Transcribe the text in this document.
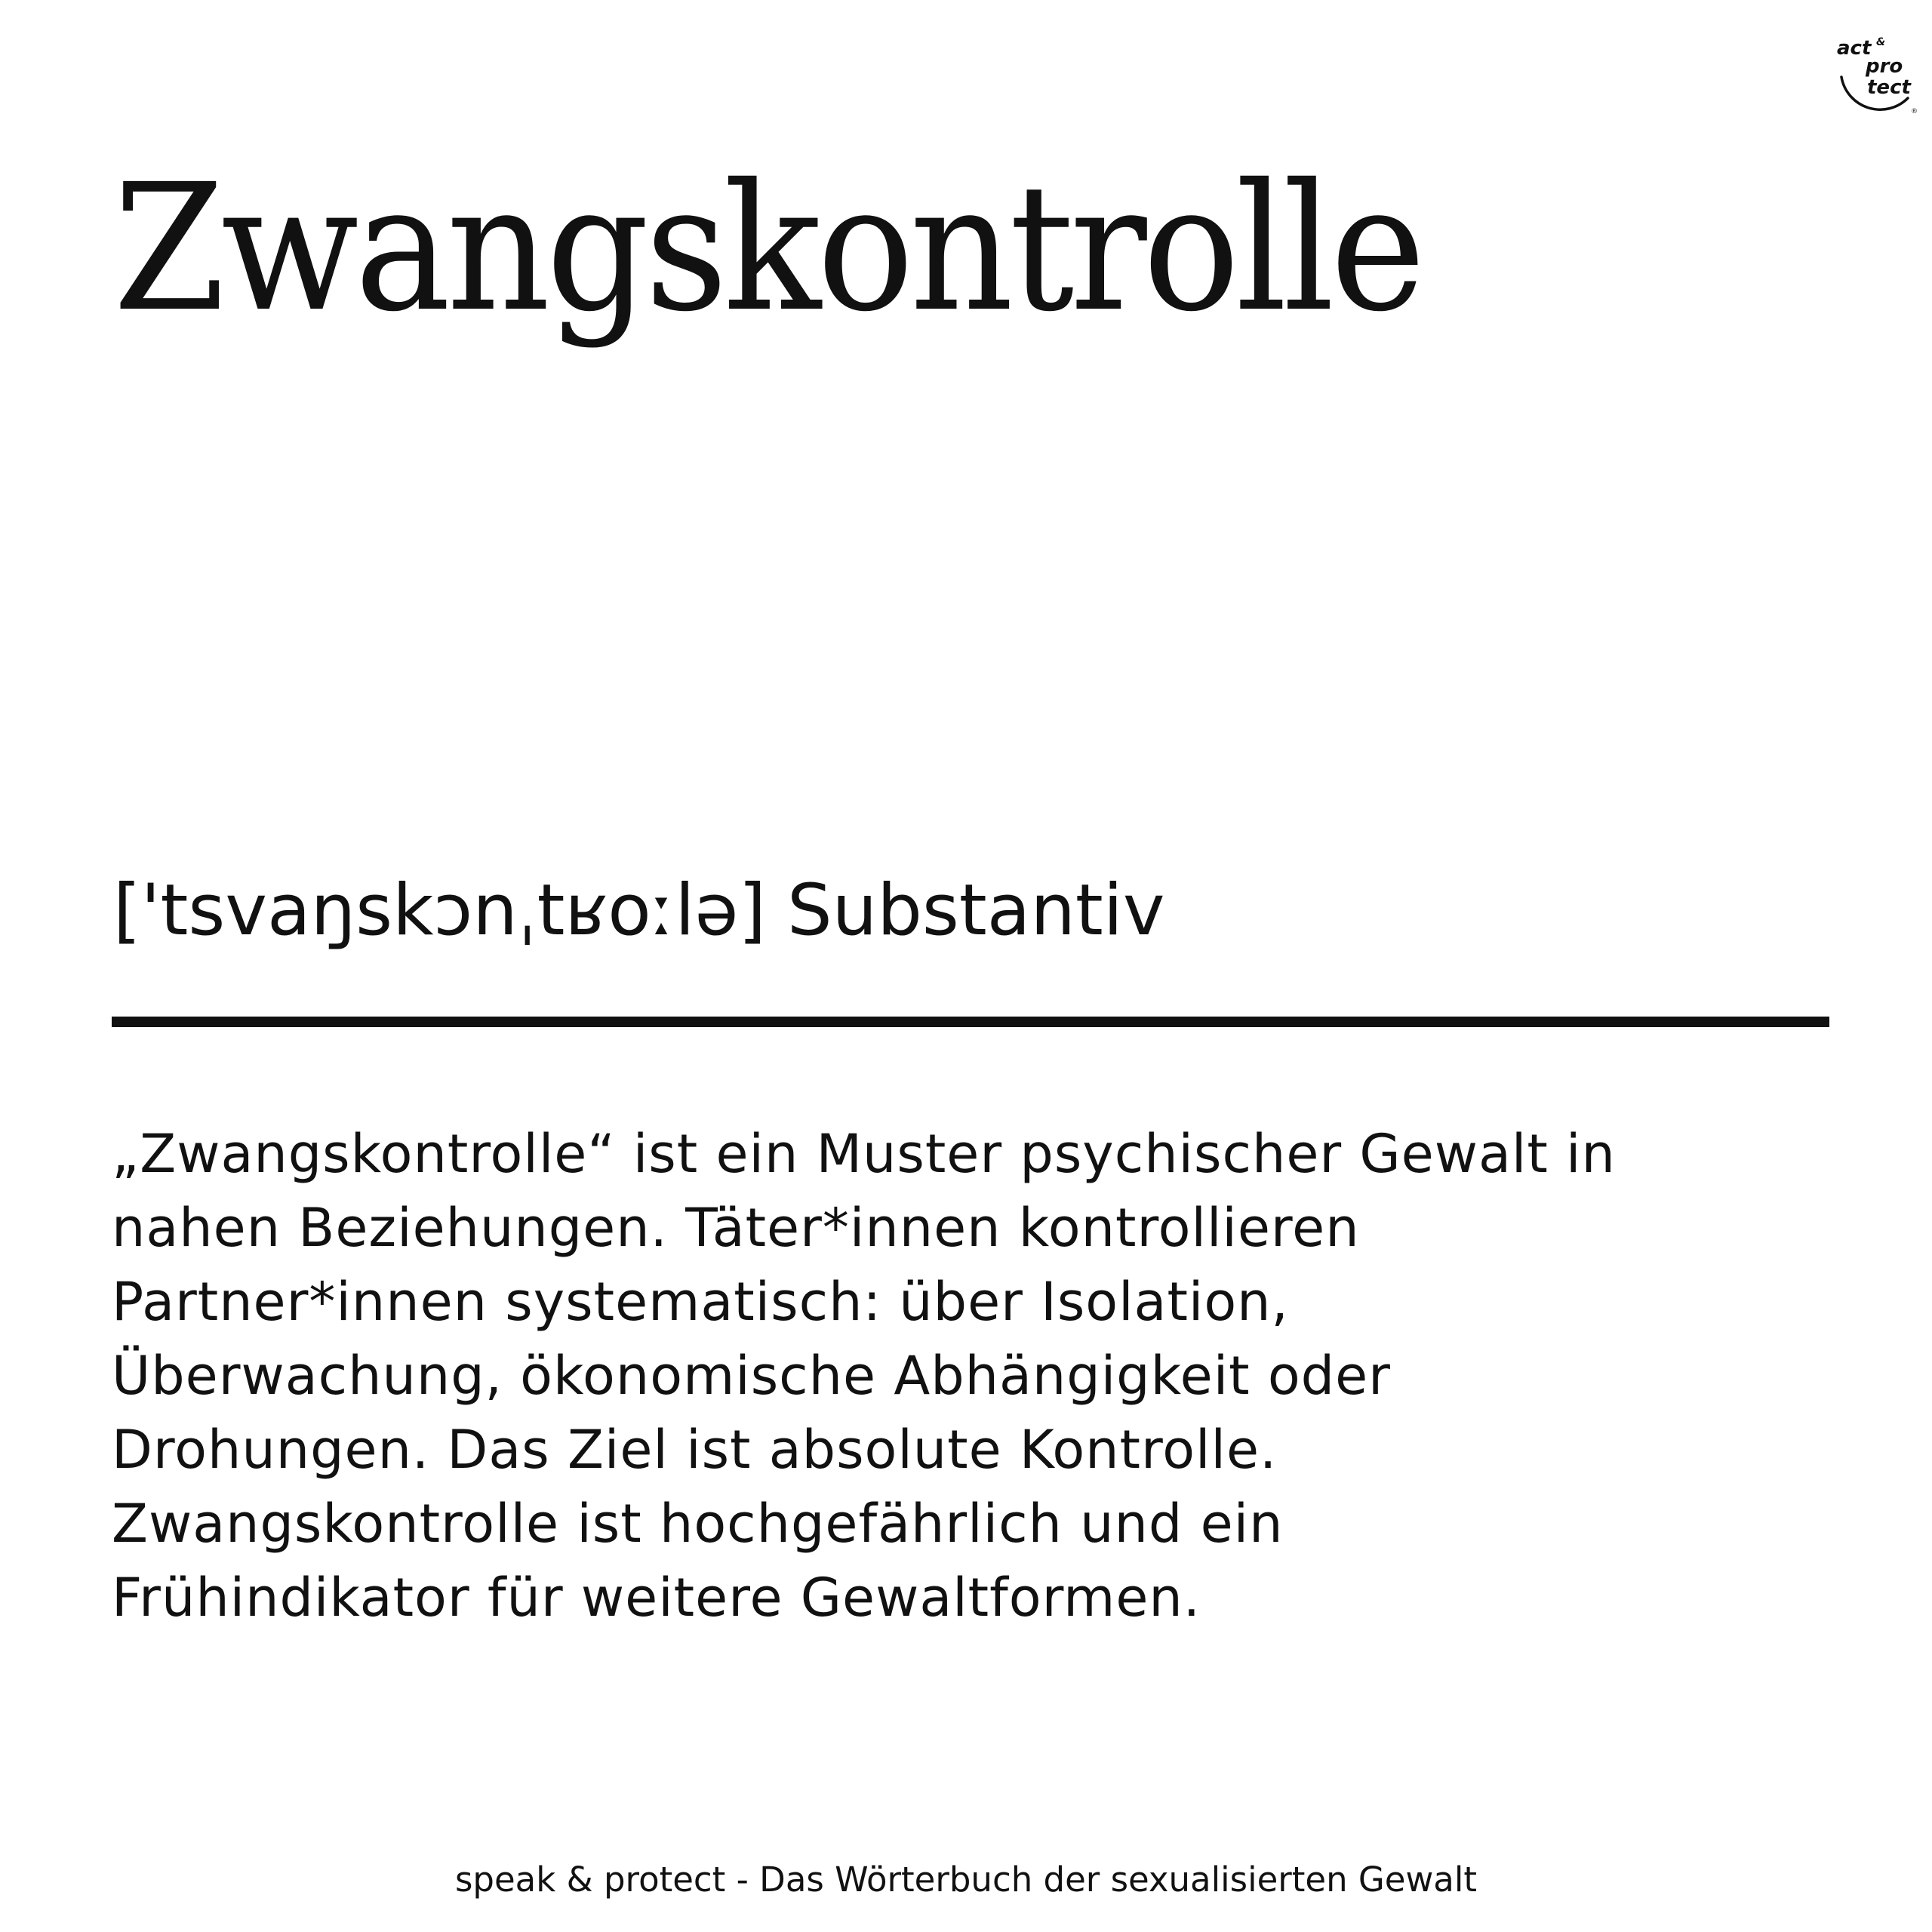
act &
pro
tect
®
Zwangskontrolle
['tsvaŋskɔnˌtʁoːlə] Substantiv

„Zwangskontrolle“ ist ein Muster psychischer Gewalt in
nahen Beziehungen. Täter*innen kontrollieren
Partner*innen systematisch: über Isolation,
Überwachung, ökonomische Abhängigkeit oder
Drohungen. Das Ziel ist absolute Kontrolle.
Zwangskontrolle ist hochgefährlich und ein
Frühindikator für weitere Gewaltformen.

speak & protect - Das Wörterbuch der sexualisierten Gewalt
